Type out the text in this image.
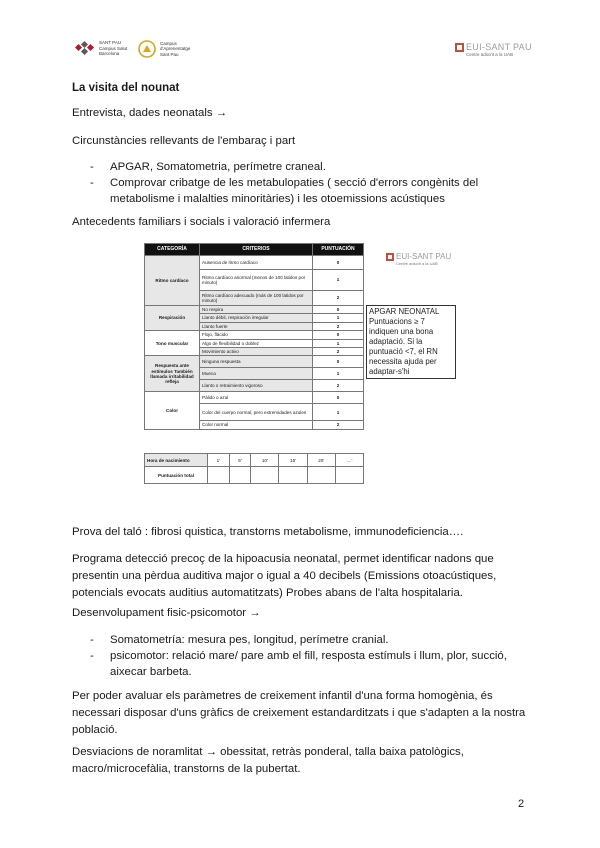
SANT PAU
Campus Salut
Barcelona
Campus
d'Aprenentatge
Sant Pau
EUI-SANT PAU
Centre adscrit a la UAB
La visita del nounat
Entrevista, dades neonatals →
Circunstàncies rellevants de l'embaraç i part
- APGAR, Somatometria, perímetre craneal.
- Comprovar cribatge de les metabulopaties ( secció d'errors congènits del metabolisme i malalties minoritàries) i les otoemissions acústiques
Antecedents familiars i socials i valoració infermera
EUI-SANT PAU
Centre adscrit a la UAB
CATEGORÍA	CRITERIOS	PUNTUACIÓN
Ritmo cardíaco	Ausencia de ritmo cardíaco	0
	Ritmo cardíaco anormal (menos de 100 latidos por minuto)	1
	Ritmo cardíaco adecuado (más de 100 latidos por minuto)	2
Respiración	No respira	0
	Llanto débil, respiración irregular	1
	Llanto fuerte	2
Tono muscular	Flojo, flácido	0
	Algo de flexibilidad o doblez	1
	Movimiento activo	2
Respuesta ante estímulos También llamada irritabilidad refleja	Ninguna respuesta	0
	Mueca	1
	Llanto o retraimiento vigoroso	2
Color	Pálido o azul	0
	Color del cuerpo normal, pero extremidades azules	1
	Color normal	2
Hora de nacimiento	1'	5'	10'	15'	20'	....'
Puntuación total						
APGAR NEONATAL Puntuacions ≥ 7 indiquen una bona adaptació. Si la puntuació <7, el RN necessita ajuda per adaptar-s'hi
Prova del taló : fibrosi quistica, transtorns metabolisme, immunodeficiencia….
Programa detecció precoç de la hipoacusia neonatal, permet identificar nadons que presentin una pèrdua auditiva major o igual a 40 decibels (Emissions otoacústiques, potencials evocats auditius automatitzats) Probes abans de l'alta hospitalaria.
Desenvolupament fisic-psicomotor →
- Somatometría: mesura pes, longitud, perímetre cranial.
- psicomotor: relació mare/ pare amb el fill, resposta estímuls i llum, plor, succió, aixecar barbeta.
Per poder avaluar els paràmetres de creixement infantil d'una forma homogènia, és necessari disposar d'uns gràfics de creixement estandarditzats i que s'adapten a la nostra població.
Desviacions de noramlitat → obessitat, retràs ponderal, talla baixa patològics, macro/microcefàlia, transtorns de la pubertat.
2
